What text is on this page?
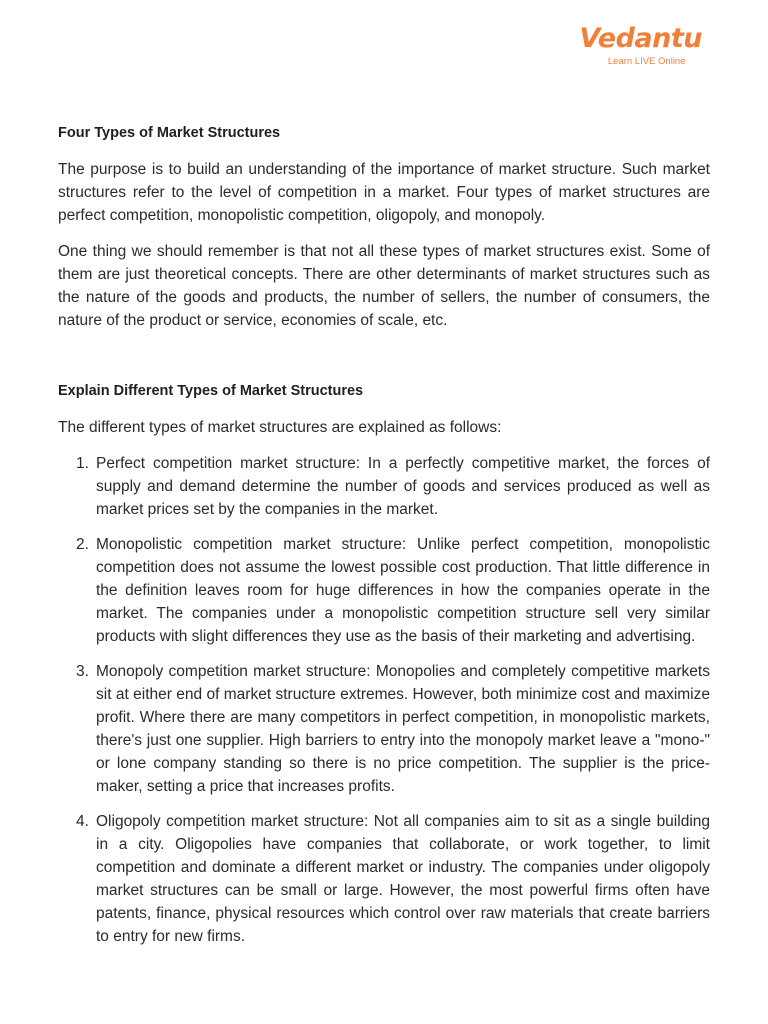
Vedantu
Learn LIVE Online
Four Types of Market Structures

The purpose is to build an understanding of the importance of market structure. Such market structures refer to the level of competition in a market. Four types of market structures are perfect competition, monopolistic competition, oligopoly, and monopoly.

One thing we should remember is that not all these types of market structures exist. Some of them are just theoretical concepts. There are other determinants of market structures such as the nature of the goods and products, the number of sellers, the number of consumers, the nature of the product or service, economies of scale, etc.

Explain Different Types of Market Structures

The different types of market structures are explained as follows:

1. Perfect competition market structure: In a perfectly competitive market, the forces of supply and demand determine the number of goods and services produced as well as market prices set by the companies in the market.
2. Monopolistic competition market structure: Unlike perfect competition, monopolistic competition does not assume the lowest possible cost production. That little difference in the definition leaves room for huge differences in how the companies operate in the market. The companies under a monopolistic competition structure sell very similar products with slight differences they use as the basis of their marketing and advertising.
3. Monopoly competition market structure: Monopolies and completely competitive markets sit at either end of market structure extremes. However, both minimize cost and maximize profit. Where there are many competitors in perfect competition, in monopolistic markets, there's just one supplier. High barriers to entry into the monopoly market leave a "mono-" or lone company standing so there is no price competition. The supplier is the price-maker, setting a price that increases profits.
4. Oligopoly competition market structure: Not all companies aim to sit as a single building in a city. Oligopolies have companies that collaborate, or work together, to limit competition and dominate a different market or industry. The companies under oligopoly market structures can be small or large. However, the most powerful firms often have patents, finance, physical resources which control over raw materials that create barriers to entry for new firms.
